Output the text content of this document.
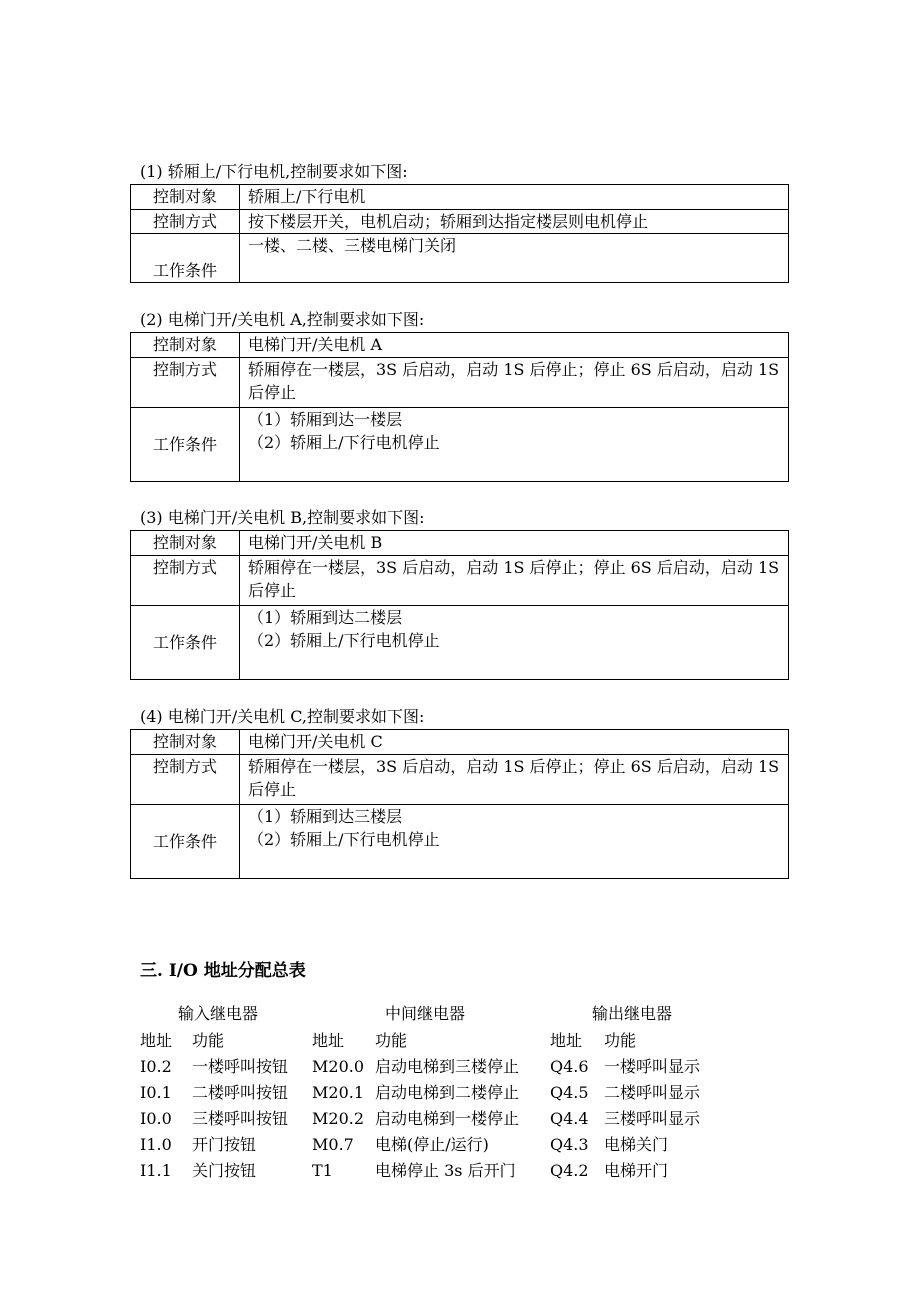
(1) 轿厢上/下行电机,控制要求如下图:
控制对象	轿厢上/下行电机
控制方式	按下楼层开关，电机启动；轿厢到达指定楼层则电机停止
工作条件	一楼、二楼、三楼电梯门关闭
(2) 电梯门开/关电机 A,控制要求如下图:
控制对象	电梯门开/关电机 A
控制方式	轿厢停在一楼层，3S 后启动，启动 1S 后停止；停止 6S 后启动，启动 1S 后停止
工作条件	（1）轿厢到达一楼层
（2）轿厢上/下行电机停止
(3) 电梯门开/关电机 B,控制要求如下图:
控制对象	电梯门开/关电机 B
控制方式	轿厢停在一楼层，3S 后启动，启动 1S 后停止；停止 6S 后启动，启动 1S 后停止
工作条件	（1）轿厢到达二楼层
（2）轿厢上/下行电机停止
(4) 电梯门开/关电机 C,控制要求如下图:
控制对象	电梯门开/关电机 C
控制方式	轿厢停在一楼层，3S 后启动，启动 1S 后停止；停止 6S 后启动，启动 1S 后停止
工作条件	（1）轿厢到达三楼层
（2）轿厢上/下行电机停止
三. I/O 地址分配总表
输入继电器	中间继电器	输出继电器
地址 功能	地址 功能	地址 功能
I0.2 一楼呼叫按钮 M20.0 启动电梯到三楼停止 Q4.6 一楼呼叫显示
I0.1 二楼呼叫按钮 M20.1 启动电梯到二楼停止 Q4.5 二楼呼叫显示
I0.0 三楼呼叫按钮 M20.2 启动电梯到一楼停止 Q4.4 三楼呼叫显示
I1.0 开门按钮	M0.7 电梯(停止/运行)	Q4.3 电梯关门
I1.1 关门按钮	T1	电梯停止 3s 后开门 Q4.2 电梯开门
